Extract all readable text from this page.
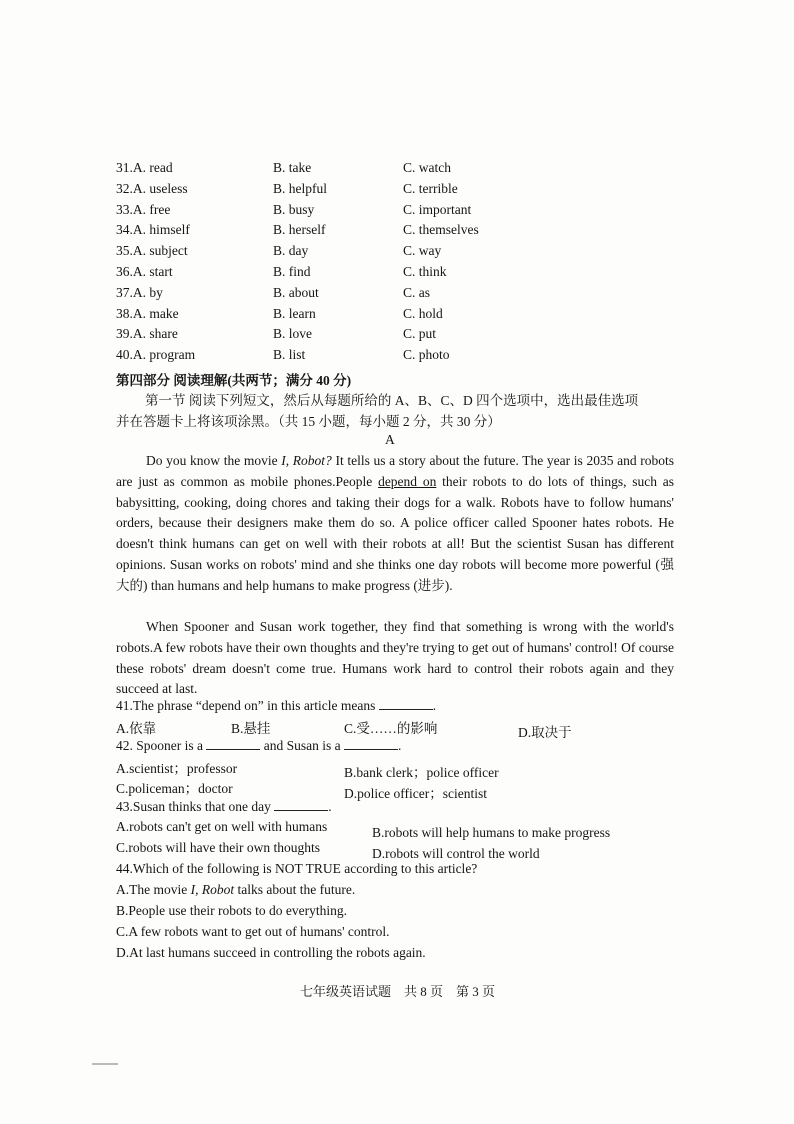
31.A. read	B. take	C. watch
32.A. useless	B. helpful	C. terrible
33.A. free	B. busy	C. important
34.A. himself	B. herself	C. themselves
35.A. subject	B. day	C. way
36.A. start	B. find	C. think
37.A. by	B. about	C. as
38.A. make	B. learn	C. hold
39.A. share	B. love	C. put
40.A. program	B. list	C. photo
第四部分 阅读理解(共两节；满分 40 分)
第一节 阅读下列短文，然后从每题所给的 A、B、C、D 四个选项中，选出最佳选项
并在答题卡上将该项涂黑。（共 15 小题，每小题 2 分，共 30 分）
A
Do you know the movie I, Robot? It tells us a story about the future. The year is 2035 and robots are just as common as mobile phones.People depend on their robots to do lots of things, such as babysitting, cooking, doing chores and taking their dogs for a walk. Robots have to follow humans' orders, because their designers make them do so. A police officer called Spooner hates robots. He doesn't think humans can get on well with their robots at all! But the scientist Susan has different opinions. Susan works on robots' mind and she thinks one day robots will become more powerful (强大的) than humans and help humans to make progress (进步).
When Spooner and Susan work together, they find that something is wrong with the world's robots.A few robots have their own thoughts and they're trying to get out of humans' control! Of course these robots' dream doesn't come true. Humans work hard to control their robots again and they succeed at last.
41.The phrase “depend on” in this article means	.
A.依靠	B.悬挂	C.受……的影响	D.取决于
42. Spooner is a	and Susan is a	.
A.scientist；professor	B.bank clerk；police officer
C.policeman；doctor	D.police officer；scientist
43.Susan thinks that one day	.
A.robots can't get on well with humans	B.robots will help humans to make progress
C.robots will have their own thoughts	D.robots will control the world
44.Which of the following is NOT TRUE according to this article?
A.The movie I, Robot talks about the future.
B.People use their robots to do everything.
C.A few robots want to get out of humans' control.
D.At last humans succeed in controlling the robots again.
七年级英语试题　共 8 页　第 3 页
